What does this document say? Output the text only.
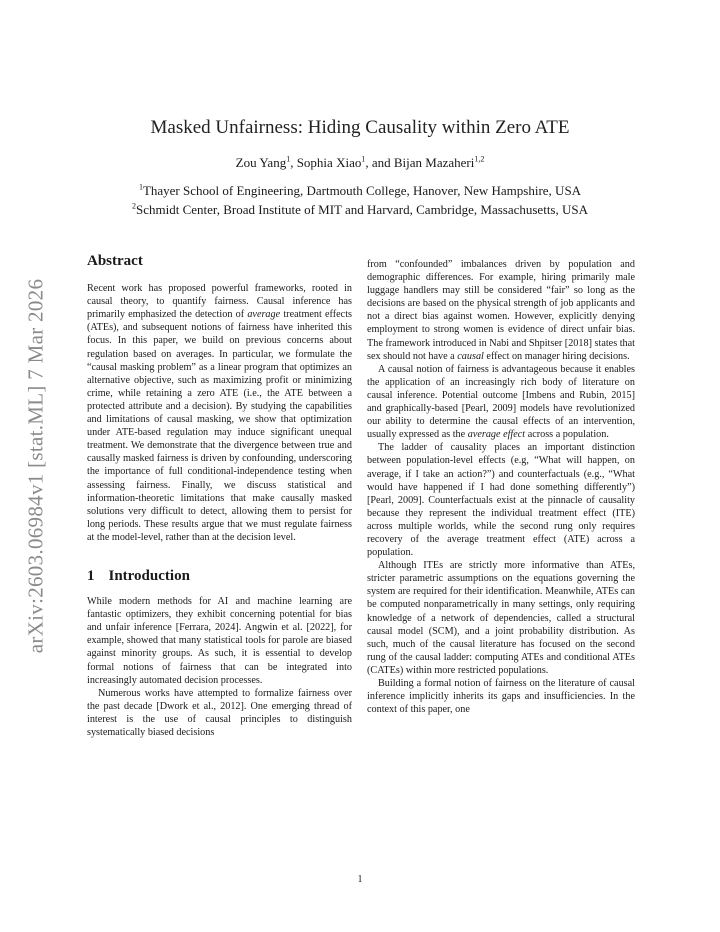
arXiv:2603.06984v1 [stat.ML] 7 Mar 2026
Masked Unfairness: Hiding Causality within Zero ATE
Zou Yang$^1$, Sophia Xiao$^1$, and Bijan Mazaheri$^{1,2}$
$^1$Thayer School of Engineering, Dartmouth College, Hanover, New Hampshire, USA
$^2$Schmidt Center, Broad Institute of MIT and Harvard, Cambridge, Massachusetts, USA
Abstract

Recent work has proposed powerful frameworks, rooted in causal theory, to quantify fairness. Causal inference has primarily emphasized the detection of average treatment effects (ATEs), and subsequent notions of fairness have inherited this focus. In this paper, we build on previous concerns about regulation based on averages. In particular, we formulate the “causal masking problem” as a linear program that optimizes an alternative objective, such as maximizing profit or minimizing crime, while retaining a zero ATE (i.e., the ATE between a protected attribute and a decision). By studying the capabilities and limitations of causal masking, we show that optimization under ATE-based regulation may induce significant unequal treatment. We demonstrate that the divergence between true and causally masked fairness is driven by confounding, underscoring the importance of full conditional-independence testing when assessing fairness. Finally, we discuss statistical and information-theoretic limitations that make causally masked solutions very difficult to detect, allowing them to persist for long periods. These results argue that we must regulate fairness at the model-level, rather than at the decision level.

1 Introduction

While modern methods for AI and machine learning are fantastic optimizers, they exhibit concerning potential for bias and unfair inference [Ferrara, 2024]. Angwin et al. [2022], for example, showed that many statistical tools for parole are biased against minority groups. As such, it is essential to develop formal notions of fairness that can be integrated into increasingly automated decision processes.

Numerous works have attempted to formalize fairness over the past decade [Dwork et al., 2012]. One emerging thread of interest is the use of causal principles to distinguish systematically biased decisions

from “confounded” imbalances driven by population and demographic differences. For example, hiring primarily male luggage handlers may still be considered “fair” so long as the decisions are based on the physical strength of job applicants and not a direct bias against women. However, explicitly denying employment to strong women is evidence of direct unfair bias. The framework introduced in Nabi and Shpitser [2018] states that sex should not have a causal effect on manager hiring decisions.

A causal notion of fairness is advantageous because it enables the application of an increasingly rich body of literature on causal inference. Potential outcome [Imbens and Rubin, 2015] and graphically-based [Pearl, 2009] models have revolutionized our ability to determine the causal effects of an intervention, usually expressed as the average effect across a population.

The ladder of causality places an important distinction between population-level effects (e.g, “What will happen, on average, if I take an action?”) and counterfactuals (e.g., “What would have happened if I had done something differently”) [Pearl, 2009]. Counterfactuals exist at the pinnacle of causality because they represent the individual treatment effect (ITE) across multiple worlds, while the second rung only requires recovery of the average treatment effect (ATE) across a population.

Although ITEs are strictly more informative than ATEs, stricter parametric assumptions on the equations governing the system are required for their identification. Meanwhile, ATEs can be computed nonparametrically in many settings, only requiring knowledge of a network of dependencies, called a structural causal model (SCM), and a joint probability distribution. As such, much of the causal literature has focused on the second rung of the causal ladder: computing ATEs and conditional ATEs (CATEs) within more restricted populations.

Building a formal notion of fairness on the literature of causal inference implicitly inherits its gaps and insufficiencies. In the context of this paper, one

1
